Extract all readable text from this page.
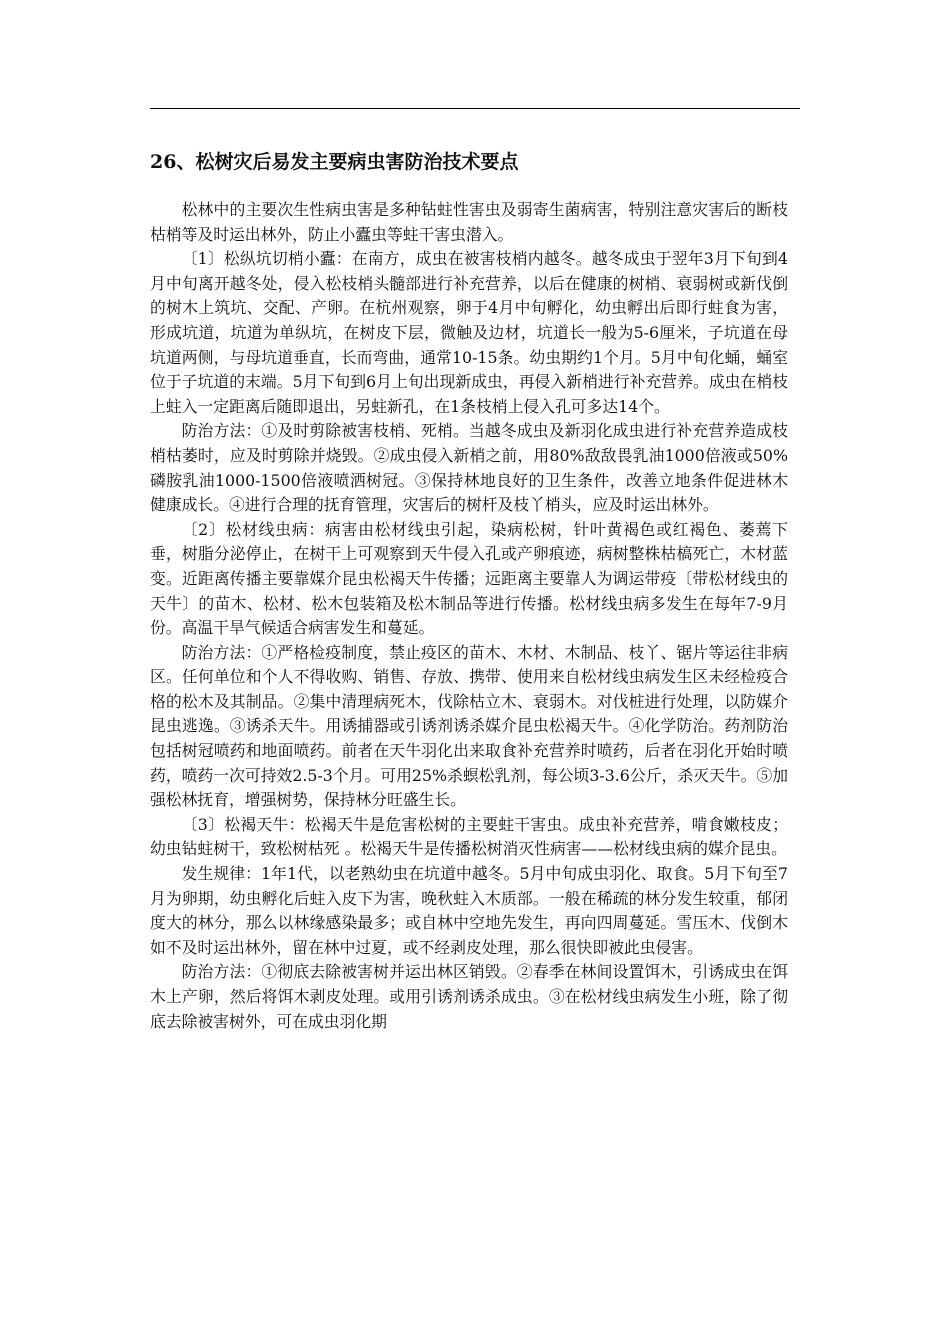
26、松树灾后易发主要病虫害防治技术要点

松林中的主要次生性病虫害是多种钻蛀性害虫及弱寄生菌病害，特别注意灾害后的断枝枯梢等及时运出林外，防止小蠹虫等蛀干害虫潜入。

〔1〕松纵坑切梢小蠹：在南方，成虫在被害枝梢内越冬。越冬成虫于翌年3月下旬到4月中旬离开越冬处，侵入松枝梢头髓部进行补充营养，以后在健康的树梢、衰弱树或新伐倒的树木上筑坑、交配、产卵。在杭州观察，卵于4月中旬孵化，幼虫孵出后即行蛀食为害，形成坑道，坑道为单纵坑，在树皮下层，微触及边材，坑道长一般为5-6厘米，子坑道在母坑道两侧，与母坑道垂直，长而弯曲，通常10-15条。幼虫期约1个月。5月中旬化蛹，蛹室位于子坑道的末端。5月下旬到6月上旬出现新成虫，再侵入新梢进行补充营养。成虫在梢枝上蛀入一定距离后随即退出，另蛀新孔，在1条枝梢上侵入孔可多达14个。

防治方法：①及时剪除被害枝梢、死梢。当越冬成虫及新羽化成虫进行补充营养造成枝梢枯萎时，应及时剪除并烧毁。②成虫侵入新梢之前，用80%敌敌畏乳油1000倍液或50%磷胺乳油1000-1500倍液喷洒树冠。③保持林地良好的卫生条件，改善立地条件促进林木健康成长。④进行合理的抚育管理，灾害后的树杆及枝丫梢头，应及时运出林外。

〔2〕松材线虫病：病害由松材线虫引起，染病松树，针叶黄褐色或红褐色、萎蔫下垂，树脂分泌停止，在树干上可观察到天牛侵入孔或产卵痕迹，病树整株枯槁死亡，木材蓝变。近距离传播主要靠媒介昆虫松褐天牛传播；远距离主要靠人为调运带疫〔带松材线虫的天牛〕的苗木、松材、松木包装箱及松木制品等进行传播。松材线虫病多发生在每年7-9月份。高温干旱气候适合病害发生和蔓延。

防治方法：①严格检疫制度，禁止疫区的苗木、木材、木制品、枝丫、锯片等运往非病区。任何单位和个人不得收购、销售、存放、携带、使用来自松材线虫病发生区未经检疫合格的松木及其制品。②集中清理病死木，伐除枯立木、衰弱木。对伐桩进行处理，以防媒介昆虫逃逸。③诱杀天牛。用诱捕器或引诱剂诱杀媒介昆虫松褐天牛。④化学防治。药剂防治包括树冠喷药和地面喷药。前者在天牛羽化出来取食补充营养时喷药，后者在羽化开始时喷药，喷药一次可持效2.5-3个月。可用25%杀螟松乳剂，每公顷3-3.6公斤，杀灭天牛。⑤加强松林抚育，增强树势，保持林分旺盛生长。

〔3〕松褐天牛：松褐天牛是危害松树的主要蛀干害虫。成虫补充营养，啃食嫩枝皮；幼虫钻蛀树干，致松树枯死 。松褐天牛是传播松树消灭性病害——松材线虫病的媒介昆虫。

发生规律：1年1代，以老熟幼虫在坑道中越冬。5月中旬成虫羽化、取食。5月下旬至7月为卵期，幼虫孵化后蛀入皮下为害，晚秋蛀入木质部。一般在稀疏的林分发生较重，郁闭度大的林分，那么以林缘感染最多；或自林中空地先发生，再向四周蔓延。雪压木、伐倒木如不及时运出林外，留在林中过夏，或不经剥皮处理，那么很快即被此虫侵害。

防治方法：①彻底去除被害树并运出林区销毁。②春季在林间设置饵木，引诱成虫在饵木上产卵，然后将饵木剥皮处理。或用引诱剂诱杀成虫。③在松材线虫病发生小班，除了彻底去除被害树外，可在成虫羽化期
